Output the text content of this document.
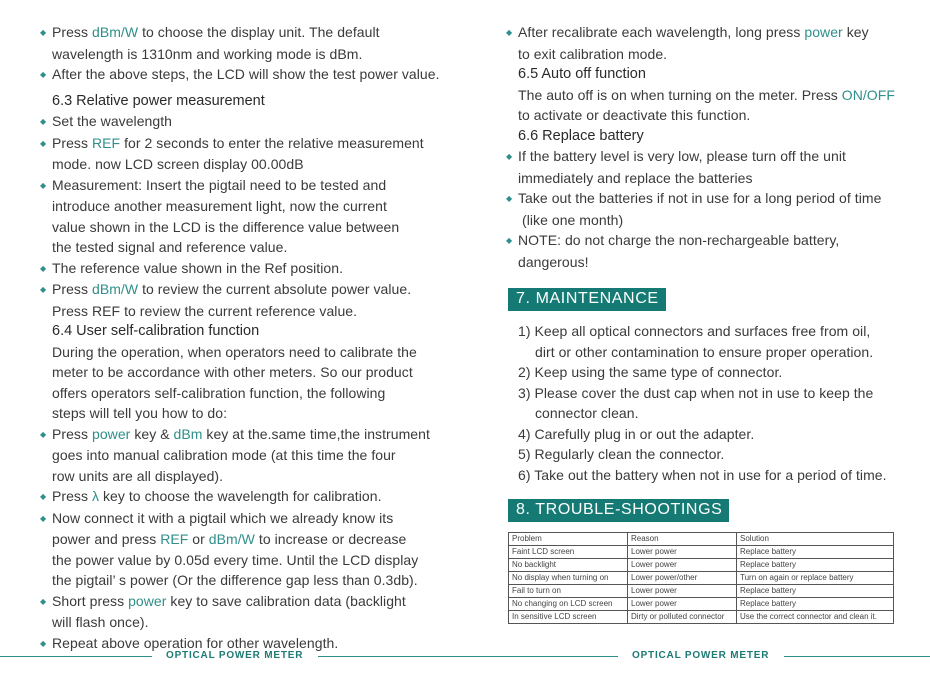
◆ Press dBm/W to choose the display unit. The default
wavelength is 1310nm and working mode is dBm.
◆ After the above steps, the LCD will show the test power value.
6.3 Relative power measurement
◆ Set the wavelength
◆ Press REF for 2 seconds to enter the relative measurement
mode. now LCD screen display 00.00dB
◆ Measurement: Insert the pigtail need to be tested and
introduce another measurement light, now the current
value shown in the LCD is the difference value between
the tested signal and reference value.
◆ The reference value shown in the Ref position.
◆ Press dBm/W to review the current absolute power value.
Press REF to review the current reference value.
6.4 User self-calibration function
During the operation, when operators need to calibrate the
meter to be accordance with other meters. So our product
offers operators self-calibration function, the following
steps will tell you how to do:
◆ Press power key & dBm key at the.same time,the instrument
goes into manual calibration mode (at this time the four
row units are all displayed).
◆ Press λ key to choose the wavelength for calibration.
◆ Now connect it with a pigtail which we already know its
power and press REF or dBm/W to increase or decrease
the power value by 0.05d every time. Until the LCD display
the pigtail’ s power (Or the difference gap less than 0.3db).
◆ Short press power key to save calibration data (backlight
will flash once).
◆ Repeat above operation for other wavelength.
◆ After recalibrate each wavelength, long press power key
to exit calibration mode.
6.5 Auto off function
The auto off is on when turning on the meter. Press ON/OFF
to activate or deactivate this function.
6.6 Replace battery
◆ If the battery level is very low, please turn off the unit
immediately and replace the batteries
◆ Take out the batteries if not in use for a long period of time
(like one month)
◆ NOTE: do not charge the non-rechargeable battery,
dangerous!
7. MAINTENANCE
1) Keep all optical connectors and surfaces free from oil,
dirt or other contamination to ensure proper operation.
2) Keep using the same type of connector.
3) Please cover the dust cap when not in use to keep the
connector clean.
4) Carefully plug in or out the adapter.
5) Regularly clean the connector.
6) Take out the battery when not in use for a period of time.
8. TROUBLE-SHOOTINGS
Problem	Reason	Solution
Faint LCD screen	Lower power	Replace battery
No backlight	Lower power	Replace battery
No display when turning on	Lower power/other	Turn on again or replace battery
Fail to turn on	Lower power	Replace battery
No changing on LCD screen	Lower power	Replace battery
In sensitive LCD screen	Dirty or polluted connector	Use the correct connector and clean it.
OPTICAL POWER METER	OPTICAL POWER METER
